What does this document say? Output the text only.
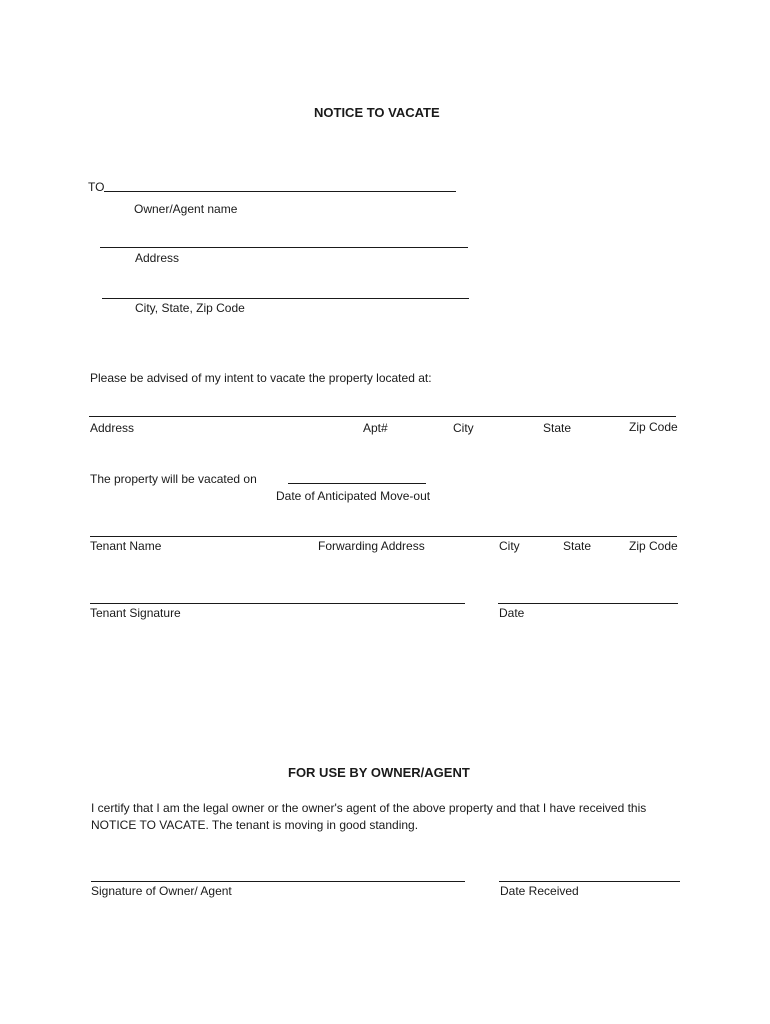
NOTICE TO VACATE
TO
Owner/Agent name
Address
City, State, Zip Code
Please be advised of my intent to vacate the property located at:
Address	Apt#	City	State	Zip Code
The property will be vacated on
Date of Anticipated Move-out
Tenant Name	Forwarding Address	City	State	Zip Code
Tenant Signature	Date
FOR USE BY OWNER/AGENT
I certify that I am the legal owner or the owner's agent of the above property and that I have received this NOTICE TO VACATE. The tenant is moving in good standing.
Signature of Owner/ Agent	Date Received
